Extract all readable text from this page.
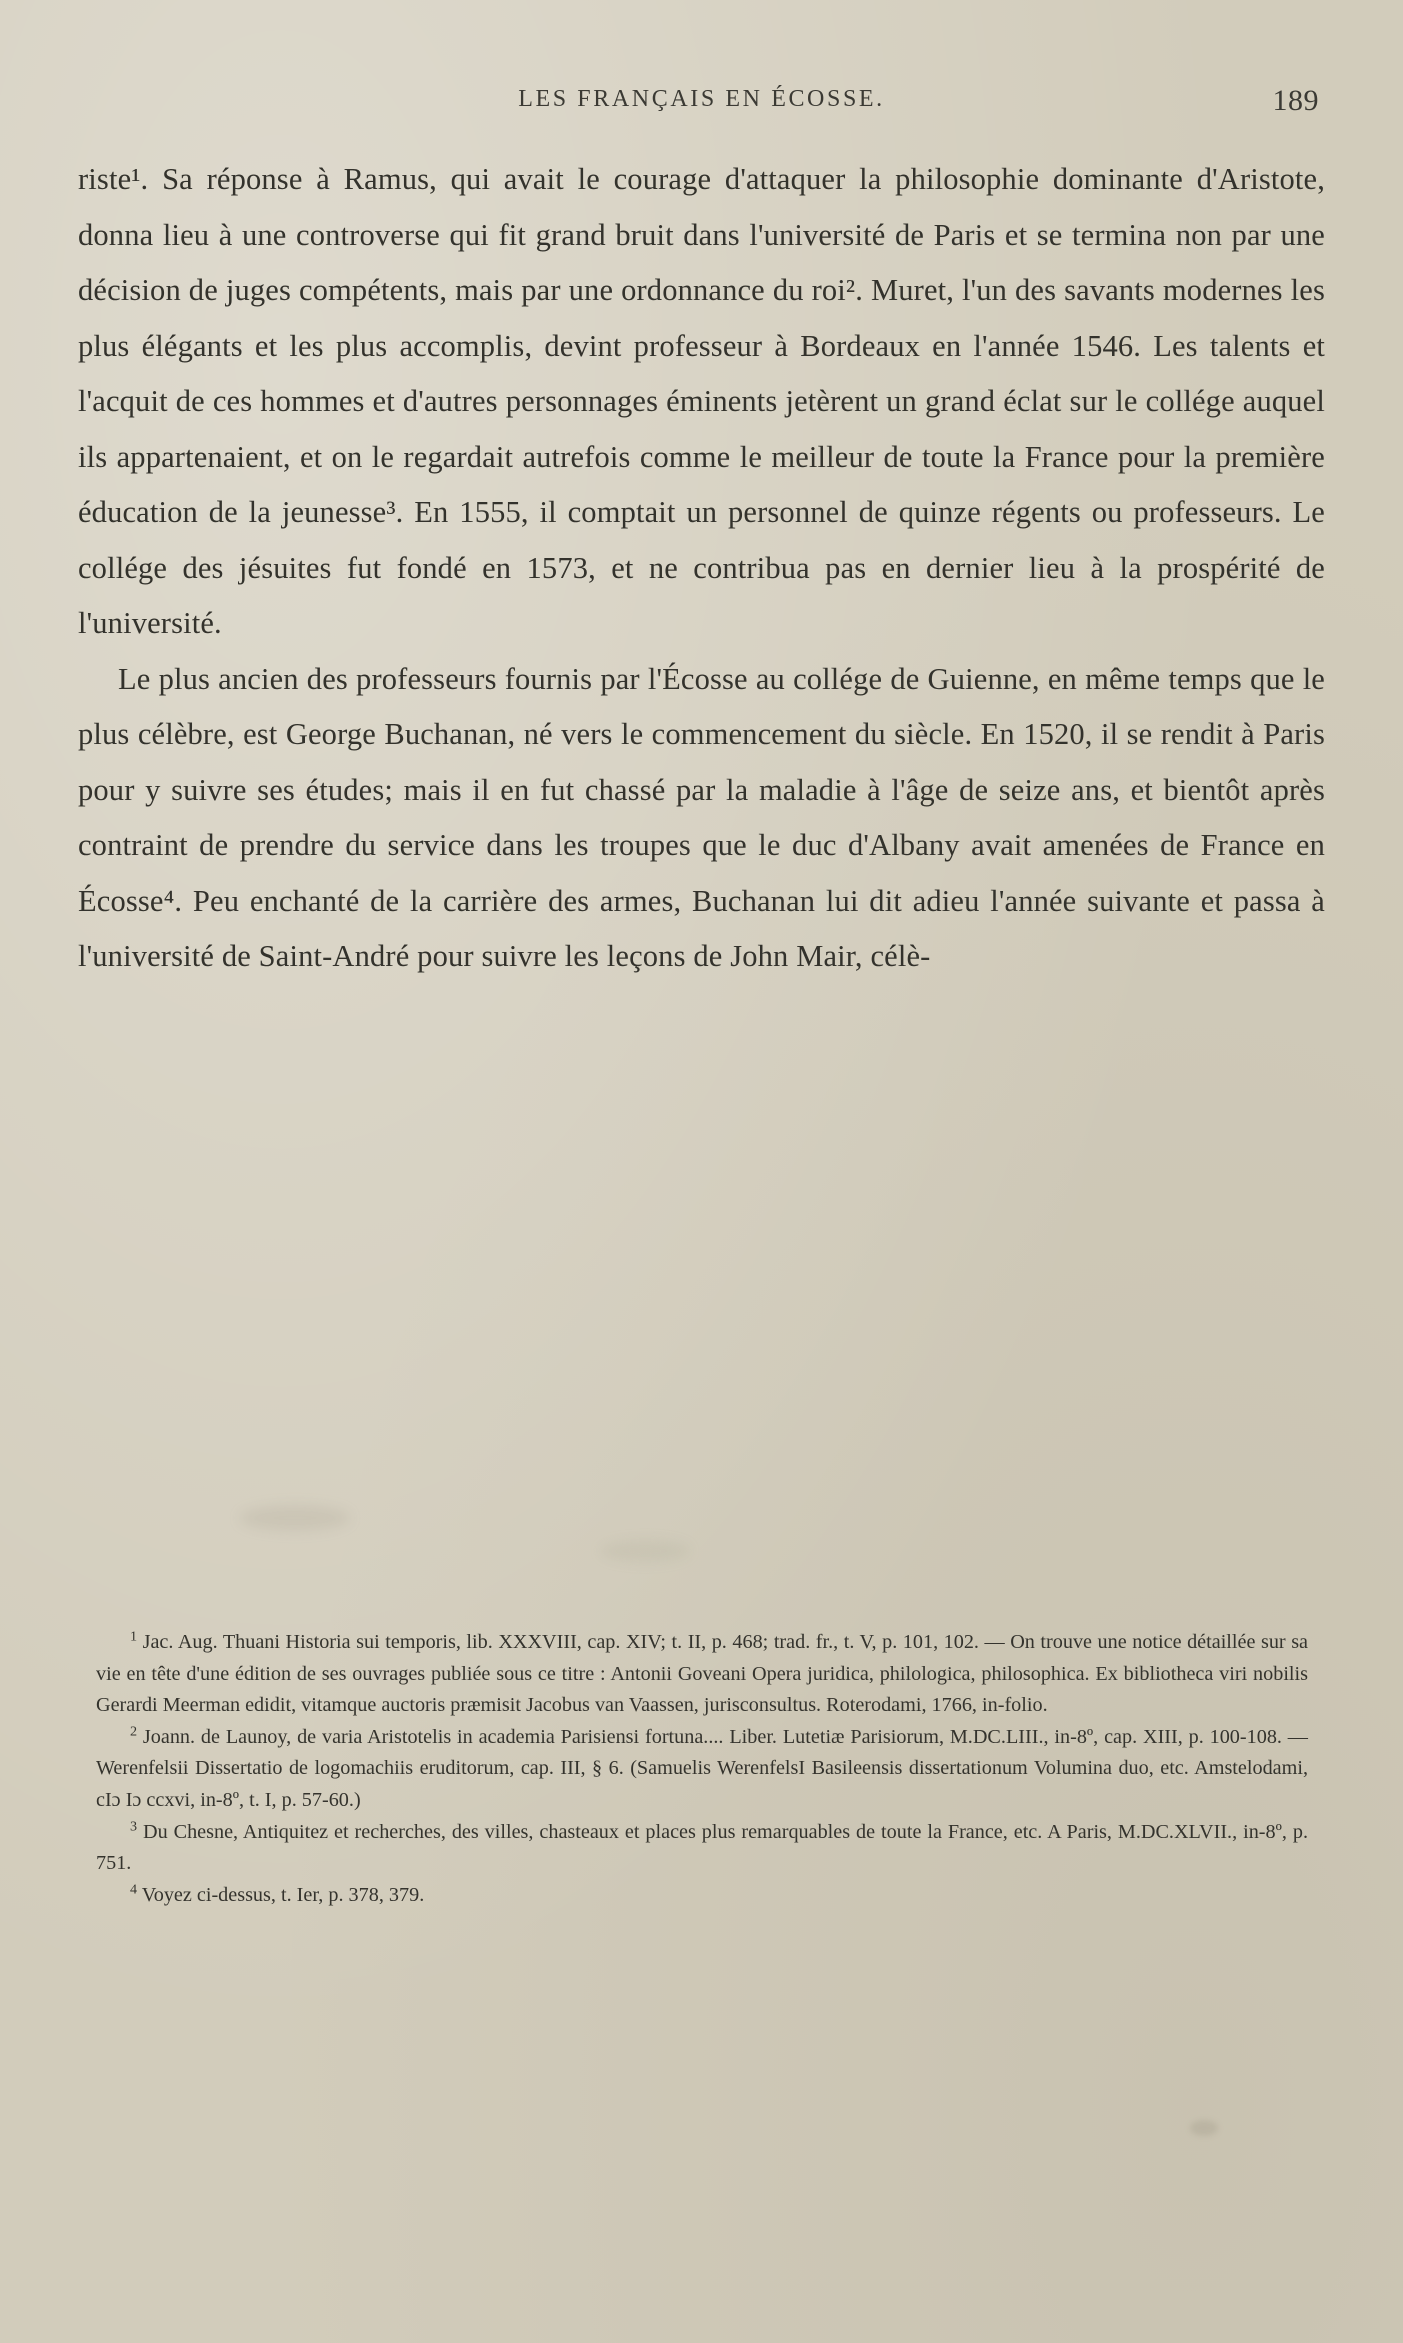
LES FRANÇAIS EN ÉCOSSE.	189

riste¹. Sa réponse à Ramus, qui avait le courage d'attaquer la philosophie dominante d'Aristote, donna lieu à une controverse qui fit grand bruit dans l'université de Paris et se termina non par une décision de juges compétents, mais par une ordonnance du roi². Muret, l'un des savants modernes les plus élégants et les plus accomplis, devint professeur à Bordeaux en l'année 1546. Les talents et l'acquit de ces hommes et d'autres personnages éminents jetèrent un grand éclat sur le collége auquel ils appartenaient, et on le regardait autrefois comme le meilleur de toute la France pour la première éducation de la jeunesse³. En 1555, il comptait un personnel de quinze régents ou professeurs. Le collége des jésuites fut fondé en 1573, et ne contribua pas en dernier lieu à la prospérité de l'université.

Le plus ancien des professeurs fournis par l'Écosse au collége de Guienne, en même temps que le plus célèbre, est George Buchanan, né vers le commencement du siècle. En 1520, il se rendit à Paris pour y suivre ses études; mais il en fut chassé par la maladie à l'âge de seize ans, et bientôt après contraint de prendre du service dans les troupes que le duc d'Albany avait amenées de France en Écosse⁴. Peu enchanté de la carrière des armes, Buchanan lui dit adieu l'année suivante et passa à l'université de Saint-André pour suivre les leçons de John Mair, célè-

$^1$ Jac. Aug. Thuani Historia sui temporis, lib. XXXVIII, cap. XIV; t. II, p. 468; trad. fr., t. V, p. 101, 102. — On trouve une notice détaillée sur sa vie en tête d'une édition de ses ouvrages publiée sous ce titre : Antonii Goveani Opera juridica, philologica, philosophica. Ex bibliotheca viri nobilis Gerardi Meerman edidit, vitamque auctoris præmisit Jacobus van Vaassen, jurisconsultus. Roterodami, 1766, in-folio.

$^2$ Joann. de Launoy, de varia Aristotelis in academia Parisiensi fortuna.... Liber. Lutetiæ Parisiorum, M.DC.LIII., in-8º, cap. XIII, p. 100-108. — Werenfelsii Dissertatio de logomachiis eruditorum, cap. III, § 6. (Samuelis WerenfelsI Basileensis dissertationum Volumina duo, etc. Amstelodami, cIɔ Iɔ ccxvi, in-8º, t. I, p. 57-60.)

$^3$ Du Chesne, Antiquitez et recherches, des villes, chasteaux et places plus remarquables de toute la France, etc. A Paris, M.DC.XLVII., in-8º, p. 751.

$^4$ Voyez ci-dessus, t. Ier, p. 378, 379.
